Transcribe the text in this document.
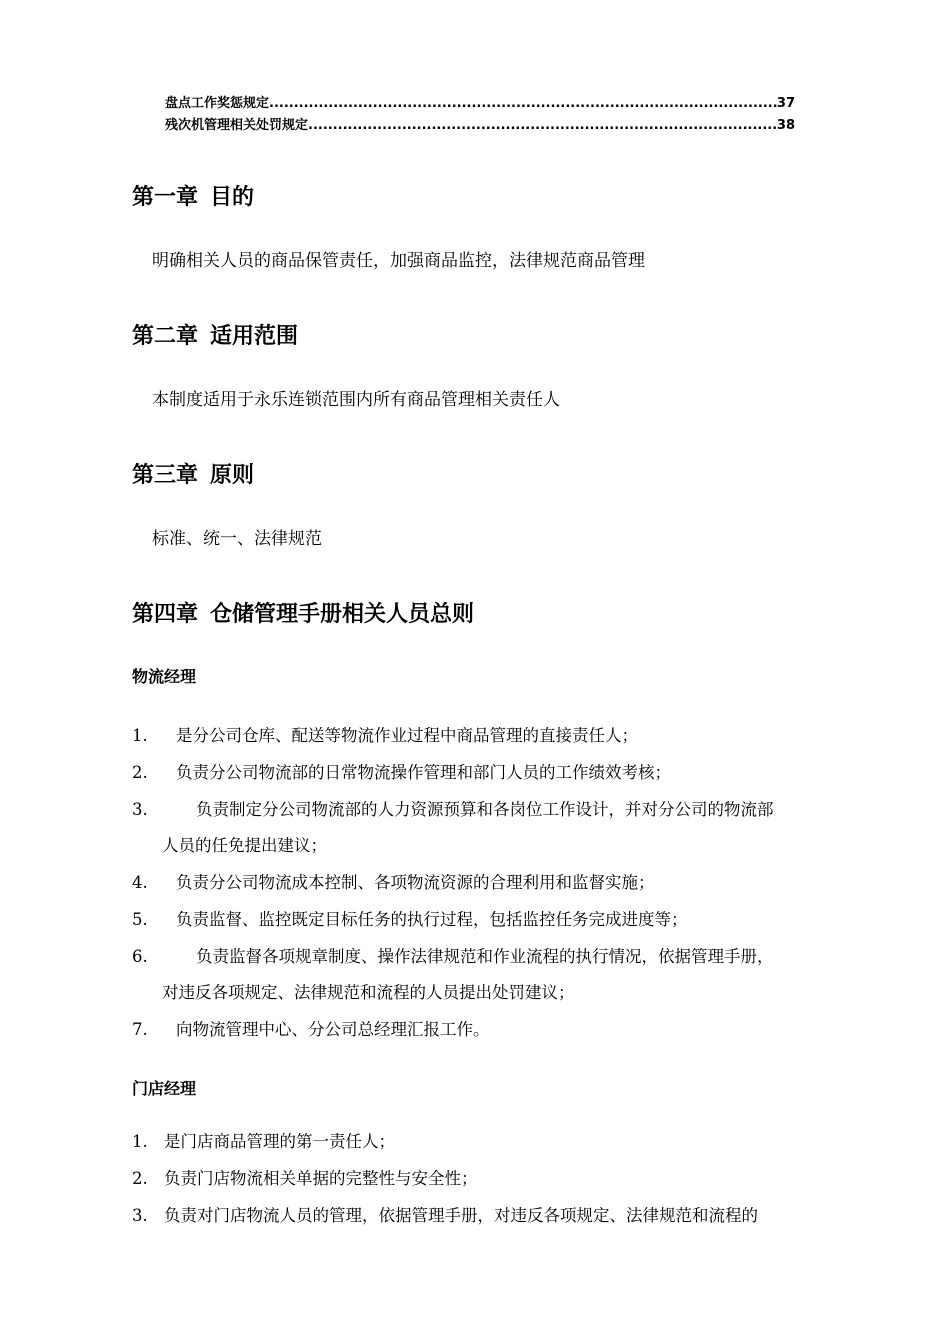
盘点工作奖惩规定 .....	37
残次机管理相关处罚规定 .....	38
第一章 目的
明确相关人员的商品保管责任，加强商品监控，法律规范商品管理
第二章 适用范围
本制度适用于永乐连锁范围内所有商品管理相关责任人
第三章 原则
标准、统一、法律规范
第四章 仓储管理手册相关人员总则
物流经理
1. 是分公司仓库、配送等物流作业过程中商品管理的直接责任人；
2. 负责分公司物流部的日常物流操作管理和部门人员的工作绩效考核；
3.	负责制定分公司物流部的人力资源预算和各岗位工作设计，并对分公司的物流部
人员的任免提出建议；
4. 负责分公司物流成本控制、各项物流资源的合理利用和监督实施；
5. 负责监督、监控既定目标任务的执行过程，包括监控任务完成进度等；
6.	负责监督各项规章制度、操作法律规范和作业流程的执行情况，依据管理手册，
对违反各项规定、法律规范和流程的人员提出处罚建议；
7. 向物流管理中心、分公司总经理汇报工作。
门店经理
1. 是门店商品管理的第一责任人；
2. 负责门店物流相关单据的完整性与安全性；
3. 负责对门店物流人员的管理，依据管理手册，对违反各项规定、法律规范和流程的
